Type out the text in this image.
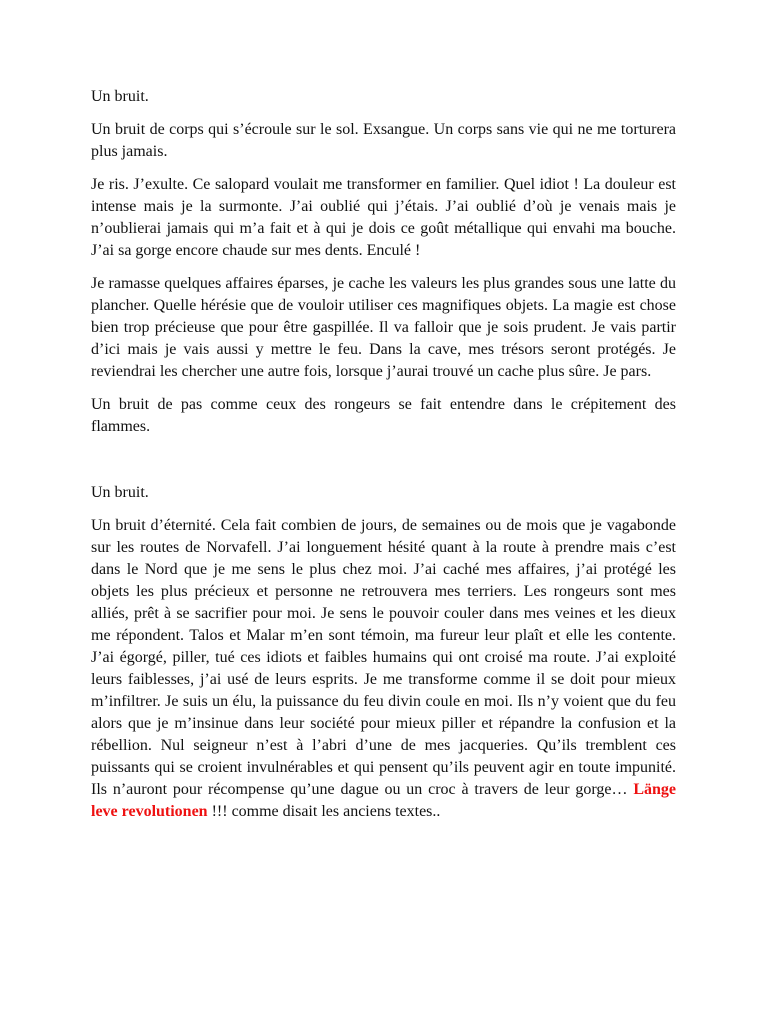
Un bruit.

Un bruit de corps qui s’écroule sur le sol. Exsangue. Un corps sans vie qui ne me torturera plus jamais.

Je ris. J’exulte. Ce salopard voulait me transformer en familier. Quel idiot ! La douleur est intense mais je la surmonte. J’ai oublié qui j’étais. J’ai oublié d’où je venais mais je n’oublierai jamais qui m’a fait et à qui je dois ce goût métallique qui envahi ma bouche. J’ai sa gorge encore chaude sur mes dents. Enculé !

Je ramasse quelques affaires éparses, je cache les valeurs les plus grandes sous une latte du plancher. Quelle hérésie que de vouloir utiliser ces magnifiques objets. La magie est chose bien trop précieuse que pour être gaspillée. Il va falloir que je sois prudent. Je vais partir d’ici mais je vais aussi y mettre le feu. Dans la cave, mes trésors seront protégés. Je reviendrai les chercher une autre fois, lorsque j’aurai trouvé un cache plus sûre. Je pars.

Un bruit de pas comme ceux des rongeurs se fait entendre dans le crépitement des flammes.

Un bruit.

Un bruit d’éternité. Cela fait combien de jours, de semaines ou de mois que je vagabonde sur les routes de Norvafell. J’ai longuement hésité quant à la route à prendre mais c’est dans le Nord que je me sens le plus chez moi. J’ai caché mes affaires, j’ai protégé les objets les plus précieux et personne ne retrouvera mes terriers. Les rongeurs sont mes alliés, prêt à se sacrifier pour moi. Je sens le pouvoir couler dans mes veines et les dieux me répondent. Talos et Malar m’en sont témoin, ma fureur leur plaît et elle les contente. J’ai égorgé, piller, tué ces idiots et faibles humains qui ont croisé ma route. J’ai exploité leurs faiblesses, j’ai usé de leurs esprits. Je me transforme comme il se doit pour mieux m’infiltrer. Je suis un élu, la puissance du feu divin coule en moi. Ils n’y voient que du feu alors que je m’insinue dans leur société pour mieux piller et répandre la confusion et la rébellion. Nul seigneur n’est à l’abri d’une de mes jacqueries. Qu’ils tremblent ces puissants qui se croient invulnérables et qui pensent qu’ils peuvent agir en toute impunité. Ils n’auront pour récompense qu’une dague ou un croc à travers de leur gorge… Länge leve revolutionen !!! comme disait les anciens textes..
